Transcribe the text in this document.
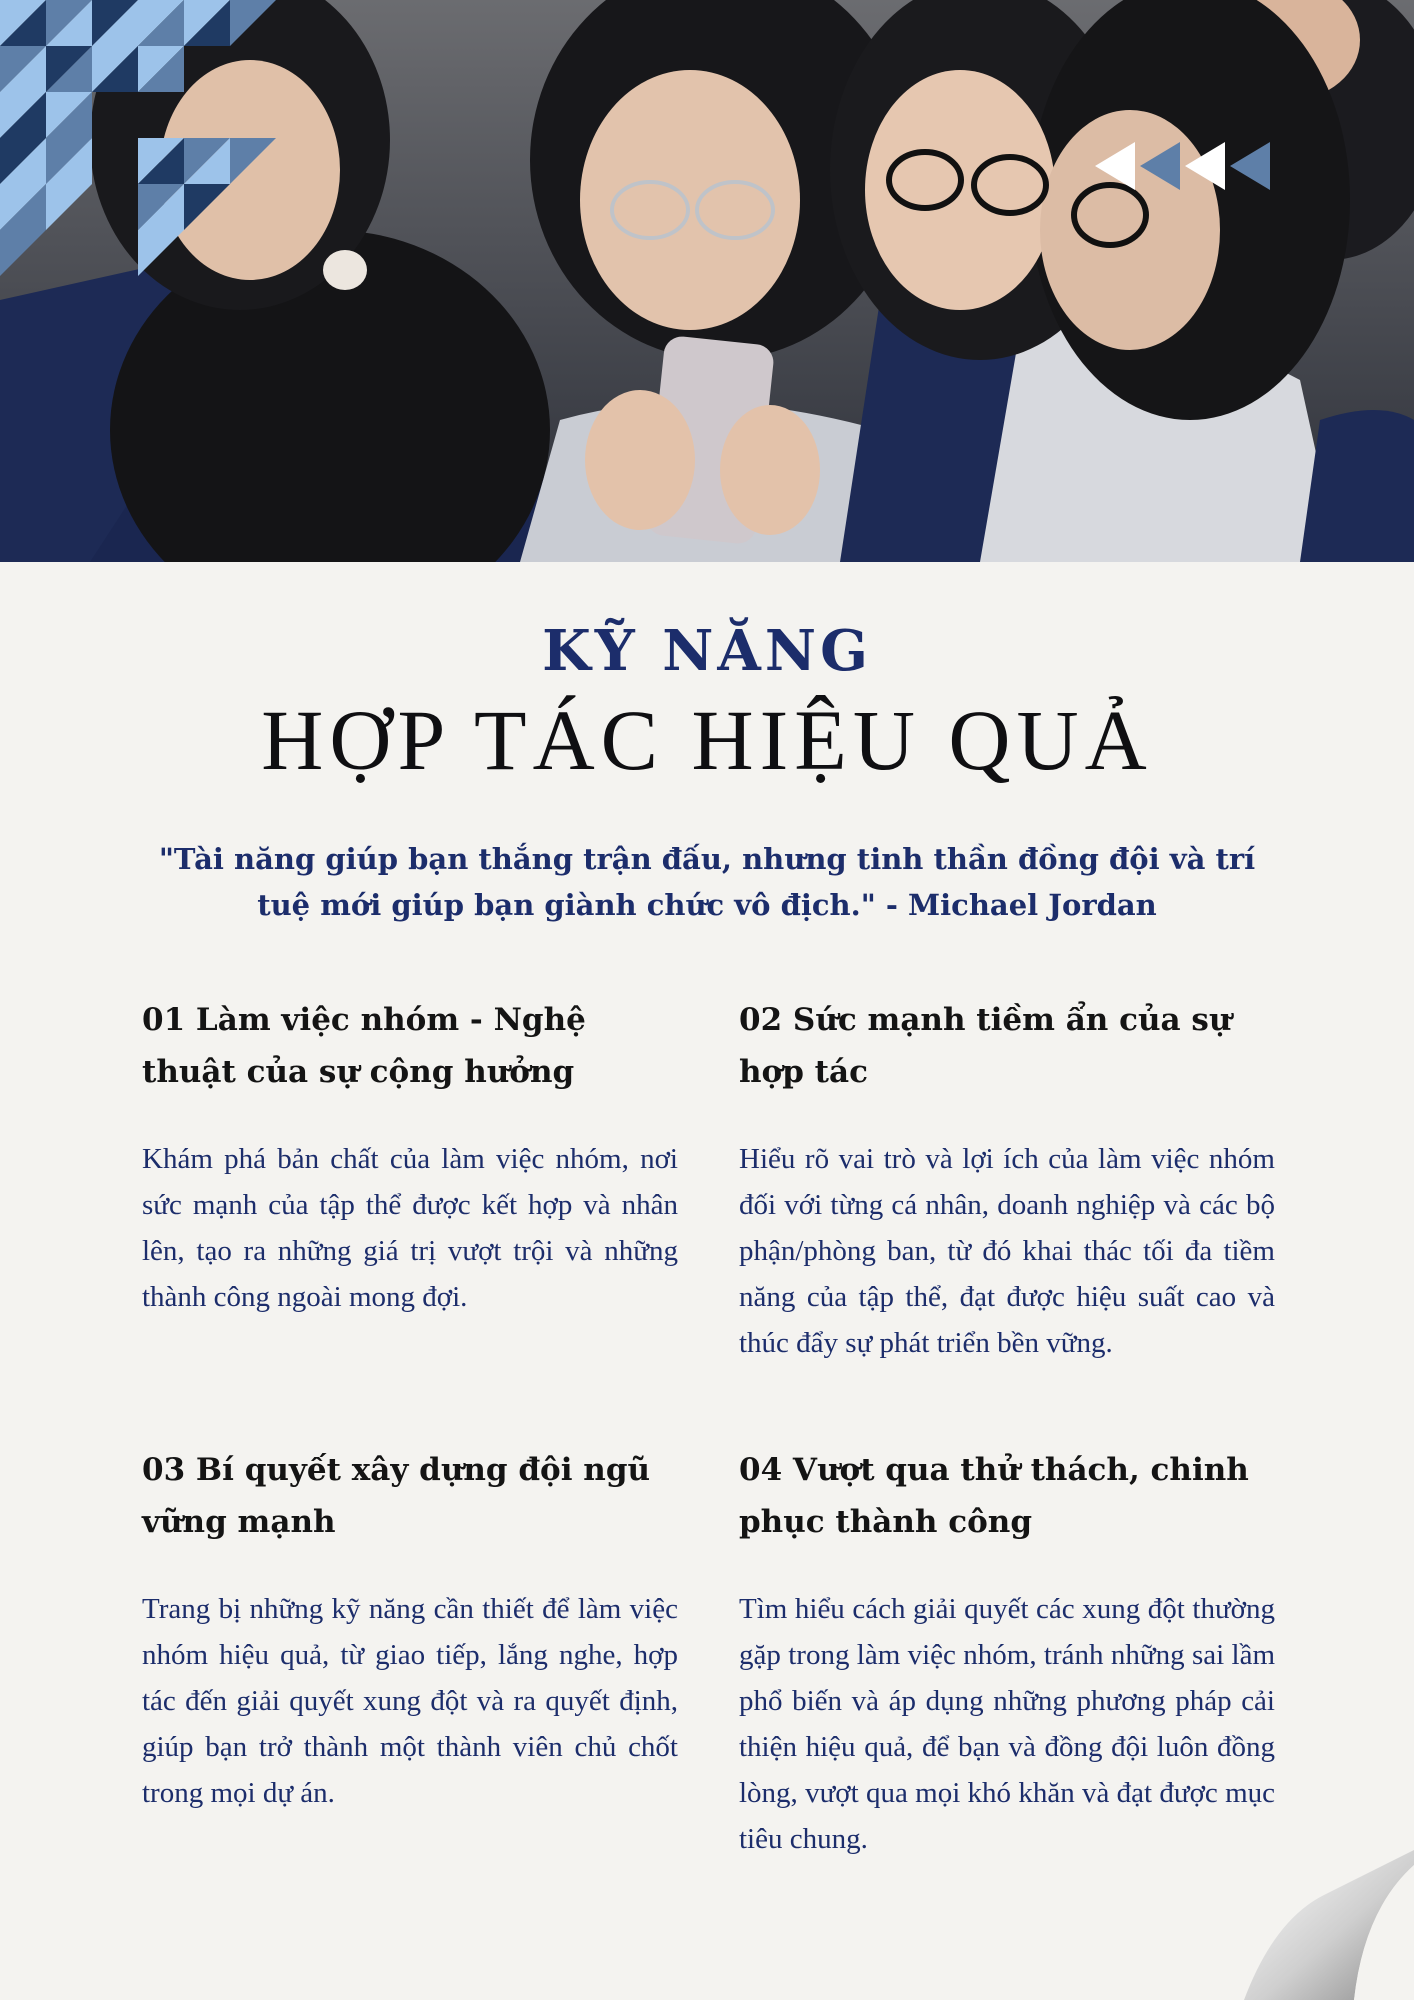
KỸ NĂNG
HỢP TÁC HIỆU QUẢ

"Tài năng giúp bạn thắng trận đấu, nhưng tinh thần đồng đội và trí tuệ mới giúp bạn giành chức vô địch." - Michael Jordan

01 Làm việc nhóm - Nghệ thuật của sự cộng hưởng

Khám phá bản chất của làm việc nhóm, nơi sức mạnh của tập thể được kết hợp và nhân lên, tạo ra những giá trị vượt trội và những thành công ngoài mong đợi.

02 Sức mạnh tiềm ẩn của sự hợp tác

Hiểu rõ vai trò và lợi ích của làm việc nhóm đối với từng cá nhân, doanh nghiệp và các bộ phận/phòng ban, từ đó khai thác tối đa tiềm năng của tập thể, đạt được hiệu suất cao và thúc đẩy sự phát triển bền vững.

03 Bí quyết xây dựng đội ngũ vững mạnh

Trang bị những kỹ năng cần thiết để làm việc nhóm hiệu quả, từ giao tiếp, lắng nghe, hợp tác đến giải quyết xung đột và ra quyết định, giúp bạn trở thành một thành viên chủ chốt trong mọi dự án.

04 Vượt qua thử thách, chinh phục thành công

Tìm hiểu cách giải quyết các xung đột thường gặp trong làm việc nhóm, tránh những sai lầm phổ biến và áp dụng những phương pháp cải thiện hiệu quả, để bạn và đồng đội luôn đồng lòng, vượt qua mọi khó khăn và đạt được mục tiêu chung.
